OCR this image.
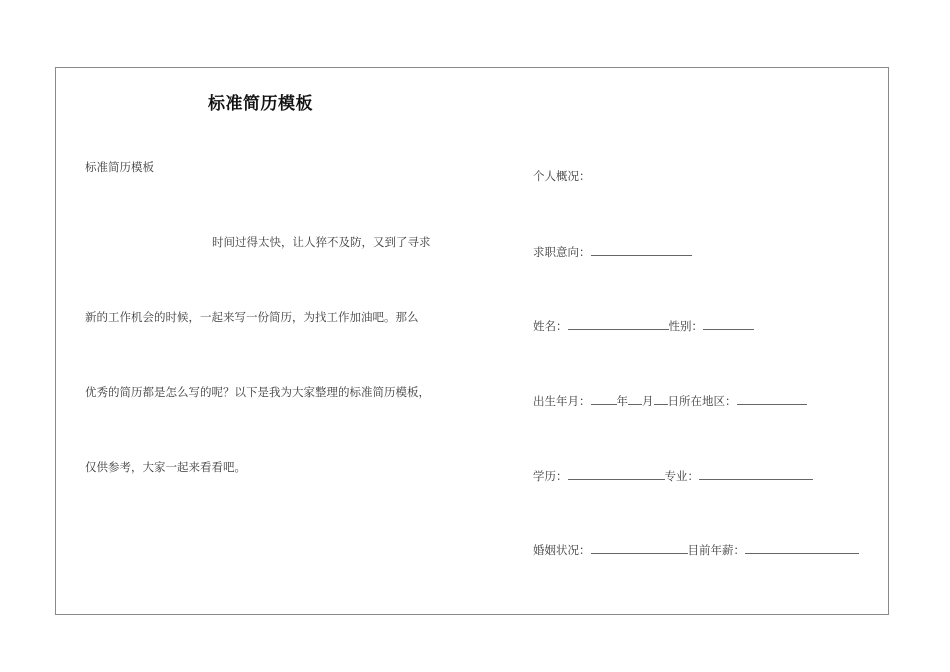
标准简历模板
标准简历模板
时间过得太快，让人猝不及防，又到了寻求
新的工作机会的时候，一起来写一份简历，为找工作加油吧。那么
优秀的简历都是怎么写的呢？以下是我为大家整理的标准简历模板，
仅供参考，大家一起来看看吧。
个人概况：
求职意向：
姓名：	性别：
出生年月： 年 月 日所在地区：
学历：	专业：
婚姻状况：	目前年薪：
